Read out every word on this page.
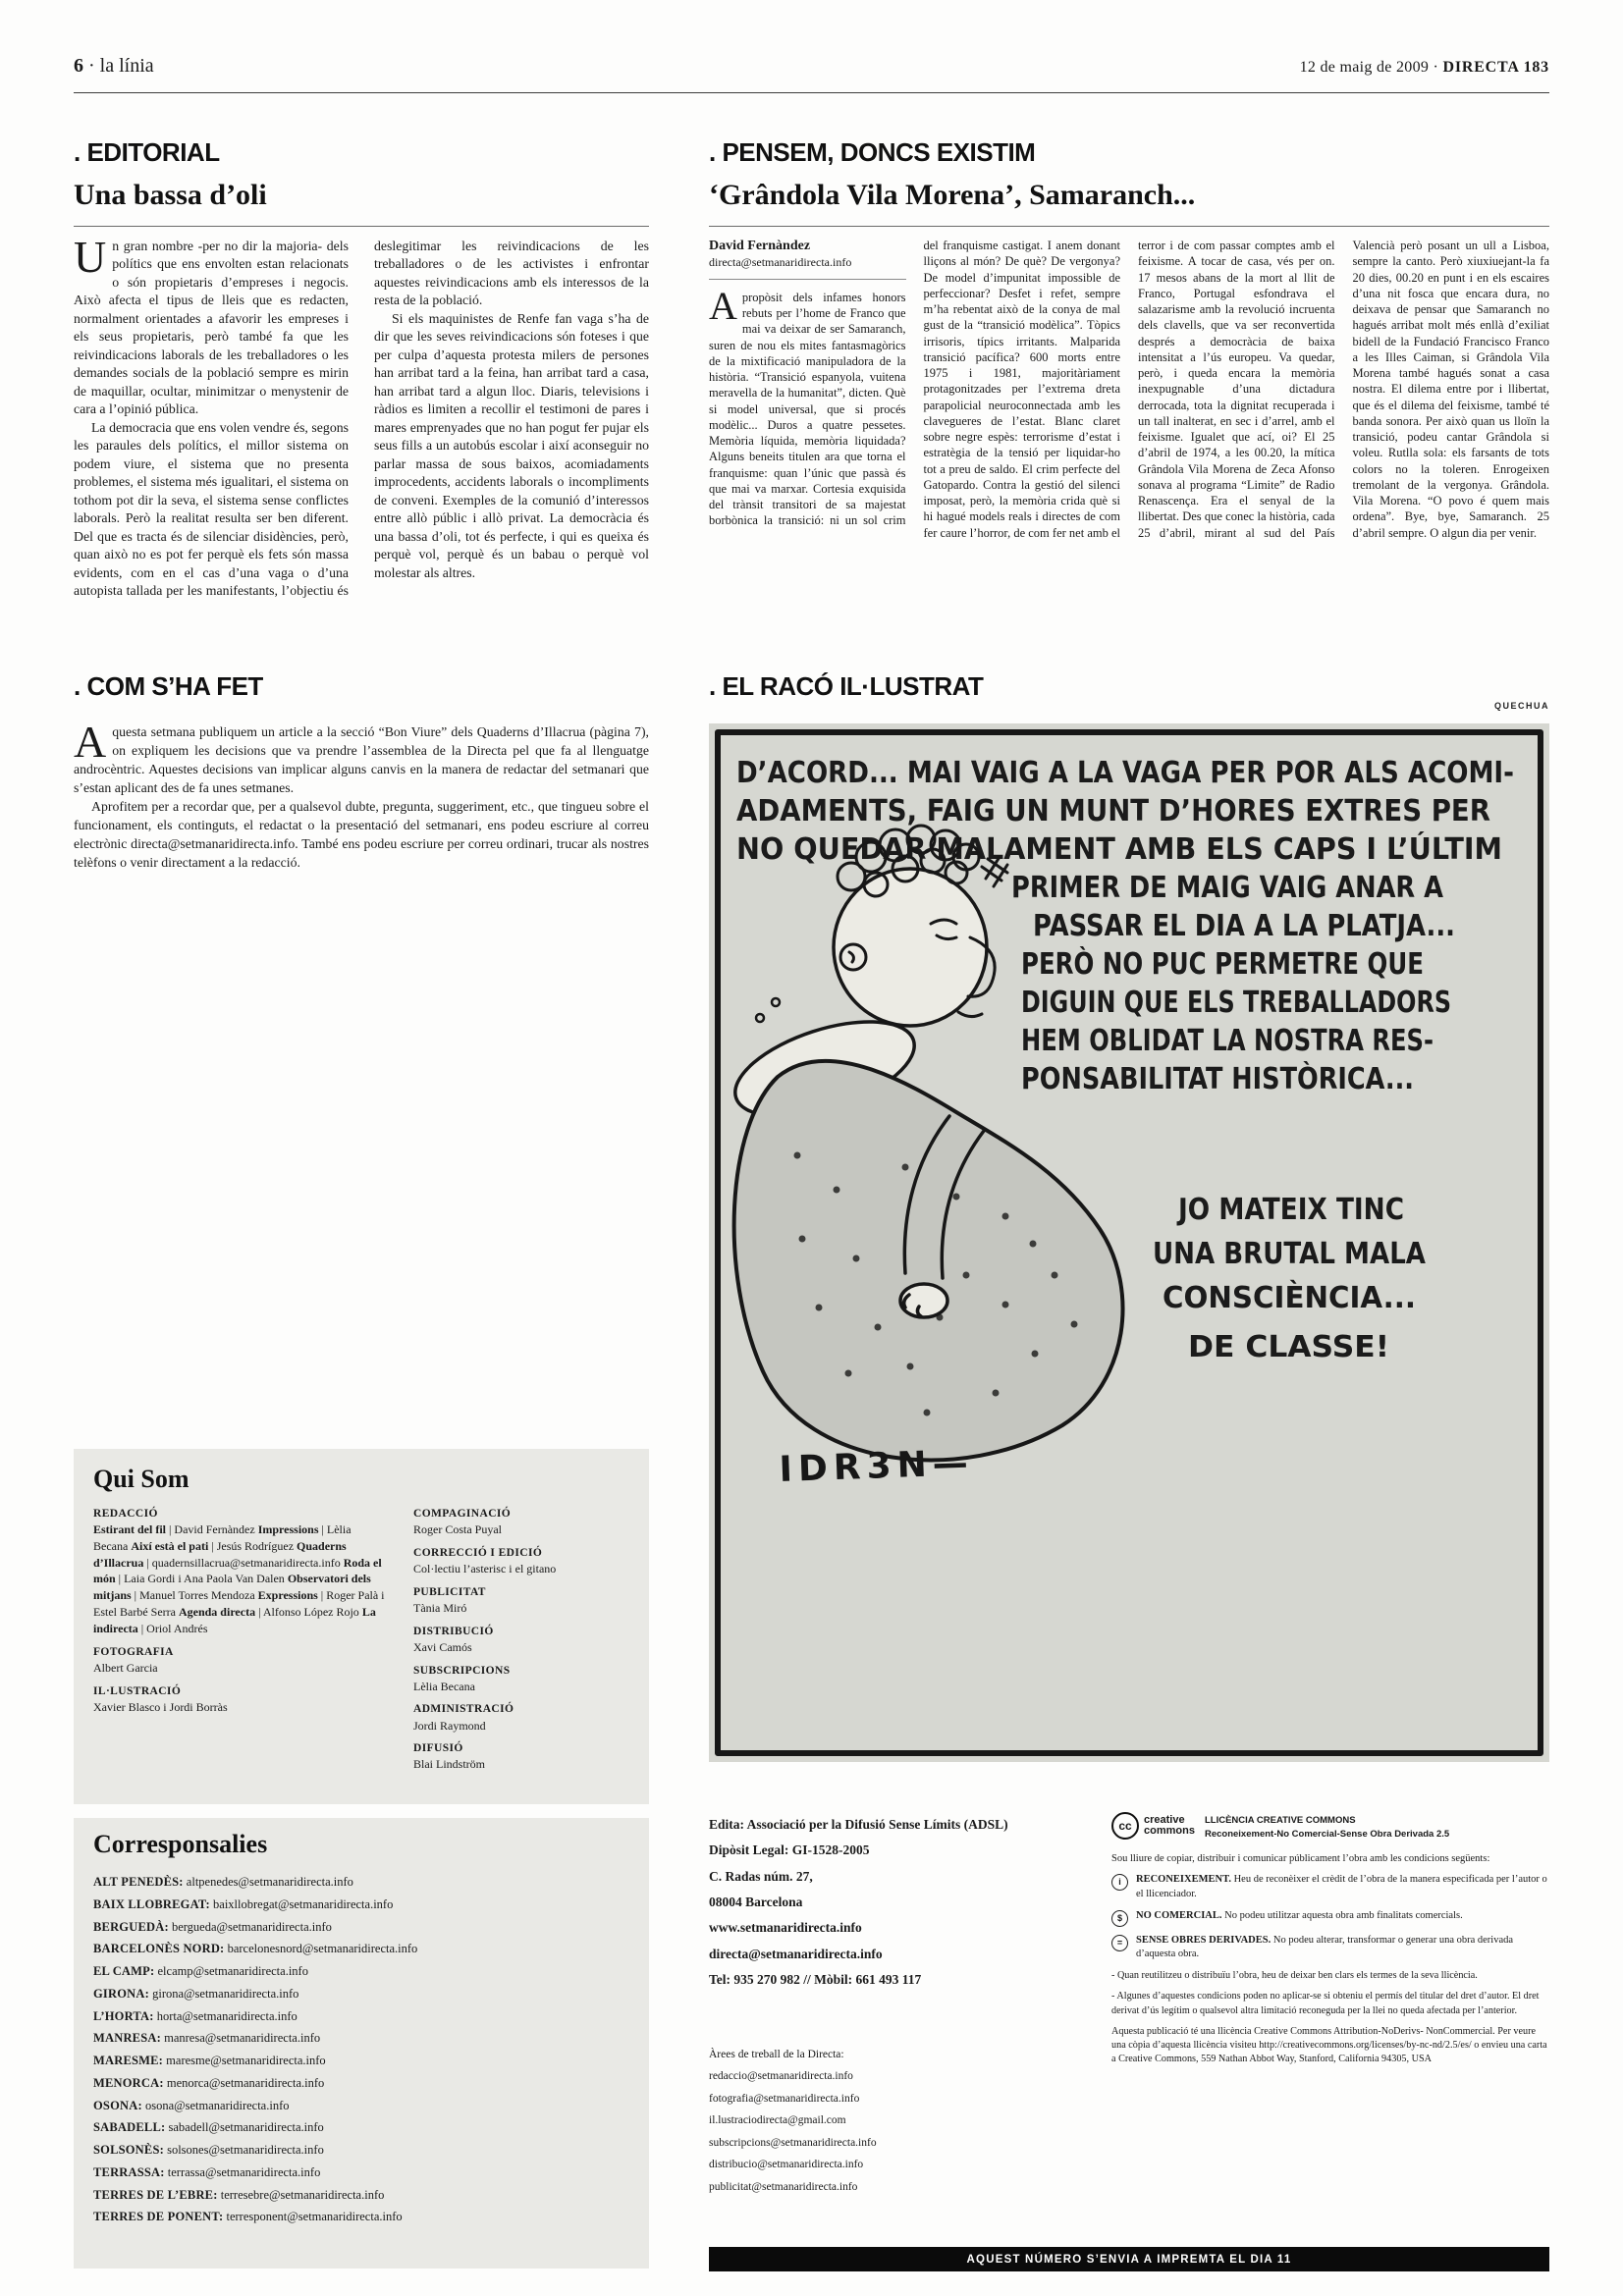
6 · la línia	12 de maig de 2009 · DIRECTA 183
. EDITORIAL
Una bassa d’oli

Un gran nombre -per no dir la majoria- dels polítics que ens envolten estan relacionats o són propietaris d’empreses i negocis. Això afecta el tipus de lleis que es redacten, normalment orientades a afavorir les empreses i els seus propietaris, però també fa que les reivindicacions laborals de les treballadores o les demandes socials de la població sempre es mirin de maquillar, ocultar, minimitzar o menystenir de cara a l’opinió pública.

La democracia que ens volen vendre és, segons les paraules dels polítics, el millor sistema on podem viure, el sistema que no presenta problemes, el sistema més igualitari, el sistema on tothom pot dir la seva, el sistema sense conflictes laborals. Però la realitat resulta ser ben diferent. Del que es tracta és de silenciar disidències, però, quan això no es pot fer perquè els fets són massa evidents, com en el cas d’una vaga o d’una autopista tallada per les manifestants, l’objectiu és deslegitimar les reivindicacions de les treballadores o de les activistes i enfrontar aquestes reivindicacions amb els interessos de la resta de la població.

Si els maquinistes de Renfe fan vaga s’ha de dir que les seves reivindicacions són foteses i que per culpa d’aquesta protesta milers de persones han arribat tard a la feina, han arribat tard a casa, han arribat tard a algun lloc. Diaris, televisions i ràdios es limiten a recollir el testimoni de pares i mares emprenyades que no han pogut fer pujar els seus fills a un autobús escolar i així aconseguir no parlar massa de sous baixos, acomiadaments improcedents, accidents laborals o incompliments de conveni. Exemples de la comunió d’interessos entre allò públic i allò privat. La democràcia és una bassa d’oli, tot és perfecte, i qui es queixa és perquè vol, perquè és un babau o perquè vol molestar als altres.

. PENSEM, DONCS EXISTIM
‘Grândola Vila Morena’, Samaranch...
David Fernàndez
directa@setmanaridirecta.info

Apropòsit dels infames honors rebuts per l’home de Franco que mai va deixar de ser Samaranch, suren de nou els mites fantasmagòrics de la mixtificació manipuladora de la història. “Transició espanyola, vuitena meravella de la humanitat”, dicten. Què si model universal, que si procés modèlic... Duros a quatre pessetes. Memòria líquida, memòria liquidada? Alguns beneits titulen ara que torna el franquisme: quan l’únic que passà és que mai va marxar. Cortesia exquisida del trànsit transitori de sa majestat borbònica la transició: ni un sol crim del franquisme castigat. I anem donant lliçons al món? De què? De vergonya? De model d’impunitat impossible de perfeccionar? Desfet i refet, sempre m’ha rebentat això de la conya de mal gust de la “transició modèlica”. Tòpics irrisoris, típics irritants. Malparida transició pacífica? 600 morts entre 1975 i 1981, majoritàriament protagonitzades per l’extrema dreta parapolicial neuroconnectada amb les clavegueres de l’estat. Blanc claret sobre negre espès: terrorisme d’estat i estratègia de la tensió per liquidar-ho tot a preu de saldo. El crim perfecte del Gatopardo. Contra la gestió del silenci imposat, però, la memòria crida què si hi hagué models reals i directes de com fer caure l’horror, de com fer net amb el terror i de com passar comptes amb el feixisme. A tocar de casa, vés per on. 17 mesos abans de la mort al llit de Franco, Portugal esfondrava el salazarisme amb la revolució incruenta dels clavells, que va ser reconvertida després a democràcia de baixa intensitat a l’ús europeu. Va quedar, però, i queda encara la memòria inexpugnable d’una dictadura derrocada, tota la dignitat recuperada i un tall inalterat, en sec i d’arrel, amb el feixisme. Igualet que ací, oi? El 25 d’abril de 1974, a les 00.20, la mítica Grândola Vila Morena de Zeca Afonso sonava al programa “Limite” de Radio Renascença. Era el senyal de la llibertat. Des que conec la història, cada 25 d’abril, mirant al sud del País Valencià però posant un ull a Lisboa, sempre la canto. Però xiuxiuejant-la fa 20 dies, 00.20 en punt i en els escaires d’una nit fosca que encara dura, no deixava de pensar que Samaranch no hagués arribat molt més enllà d’exiliat bidell de la Fundació Francisco Franco a les Illes Caiman, si Grândola Vila Morena també hagués sonat a casa nostra. El dilema entre por i llibertat, que és el dilema del feixisme, també té banda sonora. Per això quan us lloïn la transició, podeu cantar Grândola si voleu. Rutlla sola: els farsants de tots colors no la toleren. Enrogeixen tremolant de la vergonya. Grândola. Vila Morena. “O povo é quem mais ordena”. Bye, bye, Samaranch. 25 d’abril sempre. O algun dia per venir.

. COM S’HA FET

Aquesta setmana publiquem un article a la secció “Bon Viure” dels Quaderns d’Illacrua (pàgina 7), on expliquem les decisions que va prendre l’assemblea de la Directa pel que fa al llenguatge androcèntric. Aquestes decisions van implicar alguns canvis en la manera de redactar del setmanari que s’estan aplicant des de fa unes setmanes.

Aprofitem per a recordar que, per a qualsevol dubte, pregunta, suggeriment, etc., que tingueu sobre el funcionament, els continguts, el redactat o la presentació del setmanari, ens podeu escriure al correu electrònic directa@setmanaridirecta.info. També ens podeu escriure per correu ordinari, trucar als nostres telèfons o venir directament a la redacció.

. EL RACÓ IL·LUSTRAT
QUECHUA
D’ACORD... MAI VAIG A LA VAGA PER POR ALS ACOMI-
ADAMENTS, FAIG UN MUNT D’HORES EXTRES PER
NO QUEDAR MALAMENT AMB ELS CAPS I L’ÚLTIM
PRIMER DE MAIG VAIG ANAR A
PASSAR EL DIA A LA PLATJA...
PERÒ NO PUC PERMETRE QUE
DIGUIN QUE ELS TREBALLADORS
HEM OBLIDAT LA NOSTRA RES-
PONSABILITAT HISTÒRICA...
JO MATEIX TINC
UNA BRUTAL MALA
CONSCIÈNCIA...
DE CLASSE!
IDR3N—
Qui Som
REDACCIÓ

Estirant del fil | David Fernàndez Impressions | Lèlia Becana Així està el pati | Jesús Rodríguez Quaderns d’Illacrua | quadernsillacrua@setmanaridirecta.info Roda el món | Laia Gordi i Ana Paola Van Dalen Observatori dels mitjans | Manuel Torres Mendoza Expressions | Roger Palà i Estel Barbé Serra Agenda directa | Alfonso López Rojo La indirecta | Oriol Andrés

FOTOGRAFIA

Albert Garcia

IL·LUSTRACIÓ

Xavier Blasco i Jordi Borràs

COMPAGINACIÓ

Roger Costa Puyal

CORRECCIÓ I EDICIÓ

Col·lectiu l’asterisc i el gitano

PUBLICITAT

Tània Miró

DISTRIBUCIÓ

Xavi Camós

SUBSCRIPCIONS

Lèlia Becana

ADMINISTRACIÓ

Jordi Raymond

DIFUSIÓ

Blai Lindström

Corresponsalies
ALT PENEDÈS: altpenedes@setmanaridirecta.info
BAIX LLOBREGAT: baixllobregat@setmanaridirecta.info
BERGUEDÀ: bergueda@setmanaridirecta.info
BARCELONÈS NORD: barcelonesnord@setmanaridirecta.info
EL CAMP: elcamp@setmanaridirecta.info
GIRONA: girona@setmanaridirecta.info
L’HORTA: horta@setmanaridirecta.info
MANRESA: manresa@setmanaridirecta.info
MARESME: maresme@setmanaridirecta.info
MENORCA: menorca@setmanaridirecta.info
OSONA: osona@setmanaridirecta.info
SABADELL: sabadell@setmanaridirecta.info
SOLSONÈS: solsones@setmanaridirecta.info
TERRASSA: terrassa@setmanaridirecta.info
TERRES DE L’EBRE: terresebre@setmanaridirecta.info
TERRES DE PONENT: terresponent@setmanaridirecta.info
Edita: Associació per la Difusió Sense Límits (ADSL)
Dipòsit Legal: GI-1528-2005
C. Radas núm. 27,
08004 Barcelona
www.setmanaridirecta.info
directa@setmanaridirecta.info
Tel: 935 270 982 // Mòbil: 661 493 117
Àrees de treball de la Directa:
redaccio@setmanaridirecta.info
fotografia@setmanaridirecta.info
il.lustraciodirecta@gmail.com
subscripcions@setmanaridirecta.info
distribucio@setmanaridirecta.info
publicitat@setmanaridirecta.info
cc	creative
commons
LLICÈNCIA CREATIVE COMMONS
Reconeixement-No Comercial-Sense Obra Derivada 2.5
Sou lliure de copiar, distribuir i comunicar públicament l’obra amb les condicions següents:
i	RECONEIXEMENT. Heu de reconèixer el crèdit de l’obra de la manera especificada per l’autor o el llicenciador.
$	NO COMERCIAL. No podeu utilitzar aquesta obra amb finalitats comercials.
=	SENSE OBRES DERIVADES. No podeu alterar, transformar o generar una obra derivada d’aquesta obra.

- Quan reutilitzeu o distribuïu l’obra, heu de deixar ben clars els termes de la seva llicència.

- Algunes d’aquestes condicions poden no aplicar-se si obteniu el permís del titular del dret d’autor. El dret derivat d’ús legítim o qualsevol altra limitació reconeguda per la llei no queda afectada per l’anterior.

Aquesta publicació té una llicència Creative Commons Attribution-NoDerivs- NonCommercial. Per veure una còpia d’aquesta llicència visiteu http://creativecommons.org/licenses/by-nc-nd/2.5/es/ o envieu una carta a Creative Commons, 559 Nathan Abbot Way, Stanford, California 94305, USA

AQUEST NÚMERO S’ENVIA A IMPREMTA EL DIA 11
